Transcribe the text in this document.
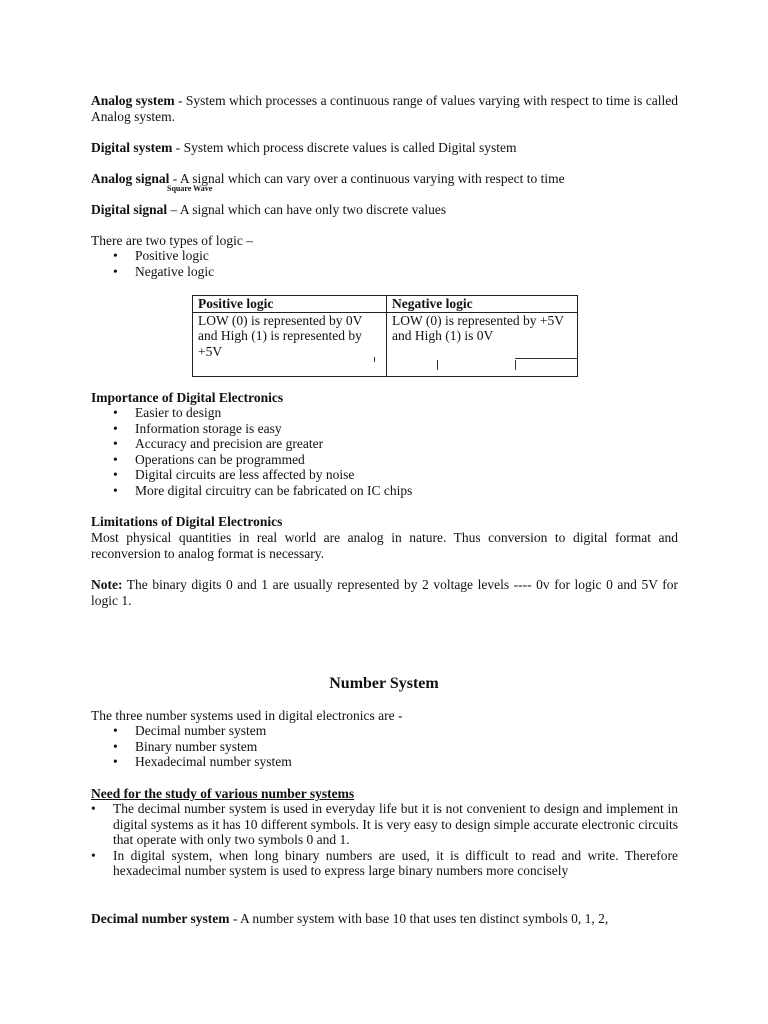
Analog system - System which processes a continuous range of values varying with respect to time is called Analog system.
Digital system - System which process discrete values is called Digital system
Analog signal - A signal which can vary over a continuous varying with respect to time
Square Wave
Digital signal – A signal which can have only two discrete values
There are two types of logic –
• Positive logic
• Negative logic
Positive logic	Negative logic
LOW (0) is represented by 0V and High (1) is represented by +5V	LOW (0) is represented by +5V and High (1) is 0V
Importance of Digital Electronics
• Easier to design
• Information storage is easy
• Accuracy and precision are greater
• Operations can be programmed
• Digital circuits are less affected by noise
• More digital circuitry can be fabricated on IC chips
Limitations of Digital Electronics
Most physical quantities in real world are analog in nature. Thus conversion to digital format and reconversion to analog format is necessary.
Note: The binary digits 0 and 1 are usually represented by 2 voltage levels ---- 0v for logic 0 and 5V for logic 1.
Number System
The three number systems used in digital electronics are -
• Decimal number system
• Binary number system
• Hexadecimal number system
Need for the study of various number systems
• The decimal number system is used in everyday life but it is not convenient to design and implement in digital systems as it has 10 different symbols. It is very easy to design simple accurate electronic circuits that operate with only two symbols 0 and 1.
• In digital system, when long binary numbers are used, it is difficult to read and write. Therefore hexadecimal number system is used to express large binary numbers more concisely
Decimal number system - A number system with base 10 that uses ten distinct symbols 0, 1, 2,
